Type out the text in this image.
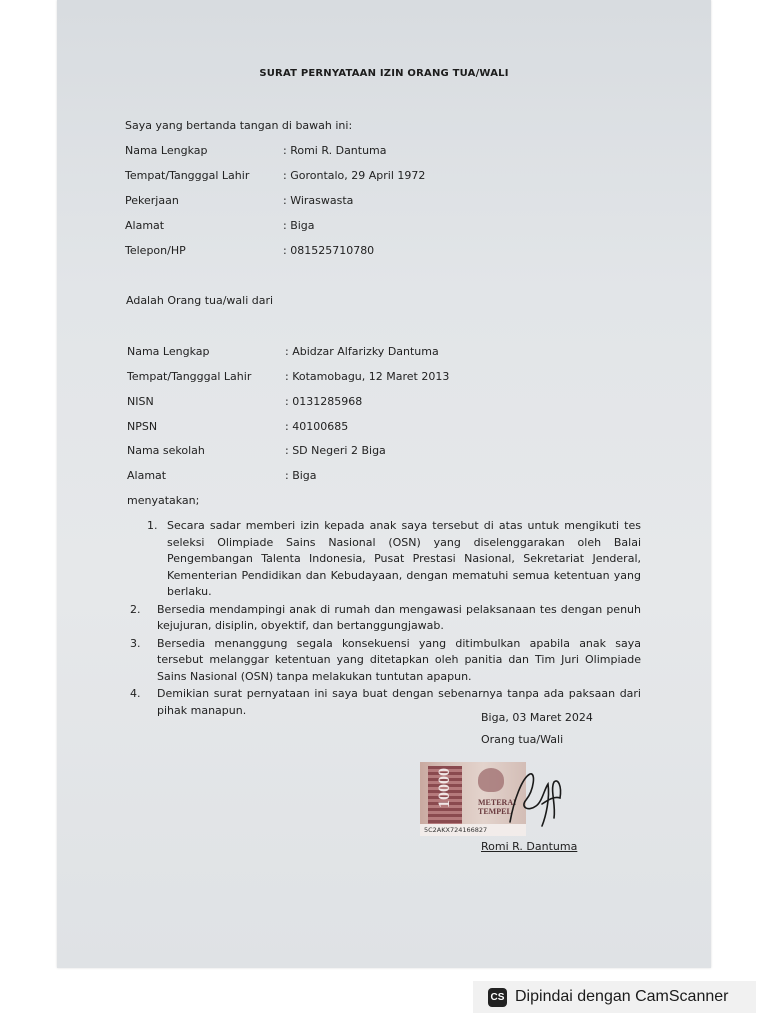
SURAT PERNYATAAN IZIN ORANG TUA/WALI
Saya yang bertanda tangan di bawah ini:
Nama Lengkap	: Romi R. Dantuma
Tempat/Tangggal Lahir	: Gorontalo, 29 April 1972
Pekerjaan	: Wiraswasta
Alamat	: Biga
Telepon/HP	: 081525710780
Adalah Orang tua/wali dari
Nama Lengkap	: Abidzar Alfarizky Dantuma
Tempat/Tangggal Lahir	: Kotamobagu, 12 Maret 2013
NISN	: 0131285968
NPSN	: 40100685
Nama sekolah	: SD Negeri 2 Biga
Alamat	: Biga
menyatakan;
1. Secara sadar memberi izin kepada anak saya tersebut di atas untuk mengikuti tes seleksi Olimpiade Sains Nasional (OSN) yang diselenggarakan oleh Balai Pengembangan Talenta Indonesia, Pusat Prestasi Nasional, Sekretariat Jenderal, Kementerian Pendidikan dan Kebudayaan, dengan mematuhi semua ketentuan yang berlaku.
2. Bersedia mendampingi anak di rumah dan mengawasi pelaksanaan tes dengan penuh kejujuran, disiplin, obyektif, dan bertanggungjawab.
3. Bersedia menanggung segala konsekuensi yang ditimbulkan apabila anak saya tersebut melanggar ketentuan yang ditetapkan oleh panitia dan Tim Juri Olimpiade Sains Nasional (OSN) tanpa melakukan tuntutan apapun.
4. Demikian surat pernyataan ini saya buat dengan sebenarnya tanpa ada paksaan dari pihak manapun.
Biga, 03 Maret 2024
Orang tua/Wali
10000	METERAI
TEMPEL
5C2AKX724166827
Romi R. Dantuma
CS Dipindai dengan CamScanner
